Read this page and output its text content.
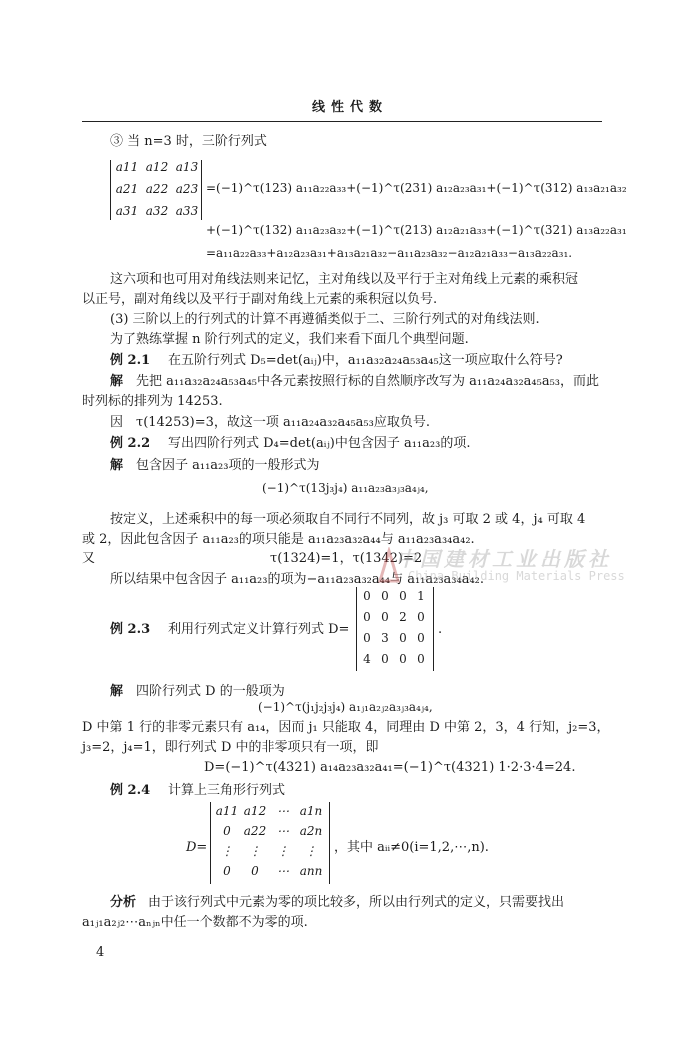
线性代数
③ 当 n=3 时，三阶行列式
a11 a12 a13
a21 a22 a23
a31 a32 a33
=(−1)^τ(123) a₁₁a₂₂a₃₃+(−1)^τ(231) a₁₂a₂₃a₃₁+(−1)^τ(312) a₁₃a₂₁a₃₂
+(−1)^τ(132) a₁₁a₂₃a₃₂+(−1)^τ(213) a₁₂a₂₁a₃₃+(−1)^τ(321) a₁₃a₂₂a₃₁
=a₁₁a₂₂a₃₃+a₁₂a₂₃a₃₁+a₁₃a₂₁a₃₂−a₁₁a₂₃a₃₂−a₁₂a₂₁a₃₃−a₁₃a₂₂a₃₁.
这六项和也可用对角线法则来记忆，主对角线以及平行于主对角线上元素的乘积冠
以正号，副对角线以及平行于副对角线上元素的乘积冠以负号.
(3) 三阶以上的行列式的计算不再遵循类似于二、三阶行列式的对角线法则.
为了熟练掌握 n 阶行列式的定义，我们来看下面几个典型问题.
例 2.1 在五阶行列式 D₅=det(aᵢⱼ)中，a₁₁a₃₂a₂₄a₅₃a₄₅这一项应取什么符号?
解 先把 a₁₁a₃₂a₂₄a₅₃a₄₅中各元素按照行标的自然顺序改写为 a₁₁a₂₄a₃₂a₄₅a₅₃，而此
时列标的排列为 14253.
因　τ(14253)=3，故这一项 a₁₁a₂₄a₃₂a₄₅a₅₃应取负号.
例 2.2 写出四阶行列式 D₄=det(aᵢⱼ)中包含因子 a₁₁a₂₃的项.
解 包含因子 a₁₁a₂₃项的一般形式为
(−1)^τ(13j₃j₄) a₁₁a₂₃a₃ⱼ₃a₄ⱼ₄,
按定义，上述乘积中的每一项必须取自不同行不同列，故 j₃ 可取 2 或 4，j₄ 可取 4
或 2，因此包含因子 a₁₁a₂₃的项只能是 a₁₁a₂₃a₃₂a₄₄与 a₁₁a₂₃a₃₄a₄₂.
又	τ(1324)=1，τ(1342)=2
所以结果中包含因子 a₁₁a₂₃的项为−a₁₁a₂₃a₃₂a₄₄与 a₁₁a₂₃a₃₄a₄₂.
中国建材工业出版社
China Building Materials Press
例 2.3 利用行列式定义计算行列式 D=
0 0 0 1
0 0 2 0
0 3 0 0
4 0 0 0
.
解 四阶行列式 D 的一般项为
(−1)^τ(j₁j₂j₃j₄) a₁ⱼ₁a₂ⱼ₂a₃ⱼ₃a₄ⱼ₄,
D 中第 1 行的非零元素只有 a₁₄，因而 j₁ 只能取 4，同理由 D 中第 2，3，4 行知，j₂=3，
j₃=2，j₄=1，即行列式 D 中的非零项只有一项，即
D=(−1)^τ(4321) a₁₄a₂₃a₃₂a₄₁=(−1)^τ(4321) 1·2·3·4=24.
例 2.4 计算上三角形行列式
D=
a11 a12 ⋯ a1n
0	a22 ⋯ a2n
⋮	⋮	⋮	⋮
0	0	⋯ ann
，其中 aᵢᵢ≠0(i=1,2,⋯,n).
分析 由于该行列式中元素为零的项比较多，所以由行列式的定义，只需要找出
a₁ⱼ₁a₂ⱼ₂⋯aₙⱼₙ中任一个数都不为零的项.
4
